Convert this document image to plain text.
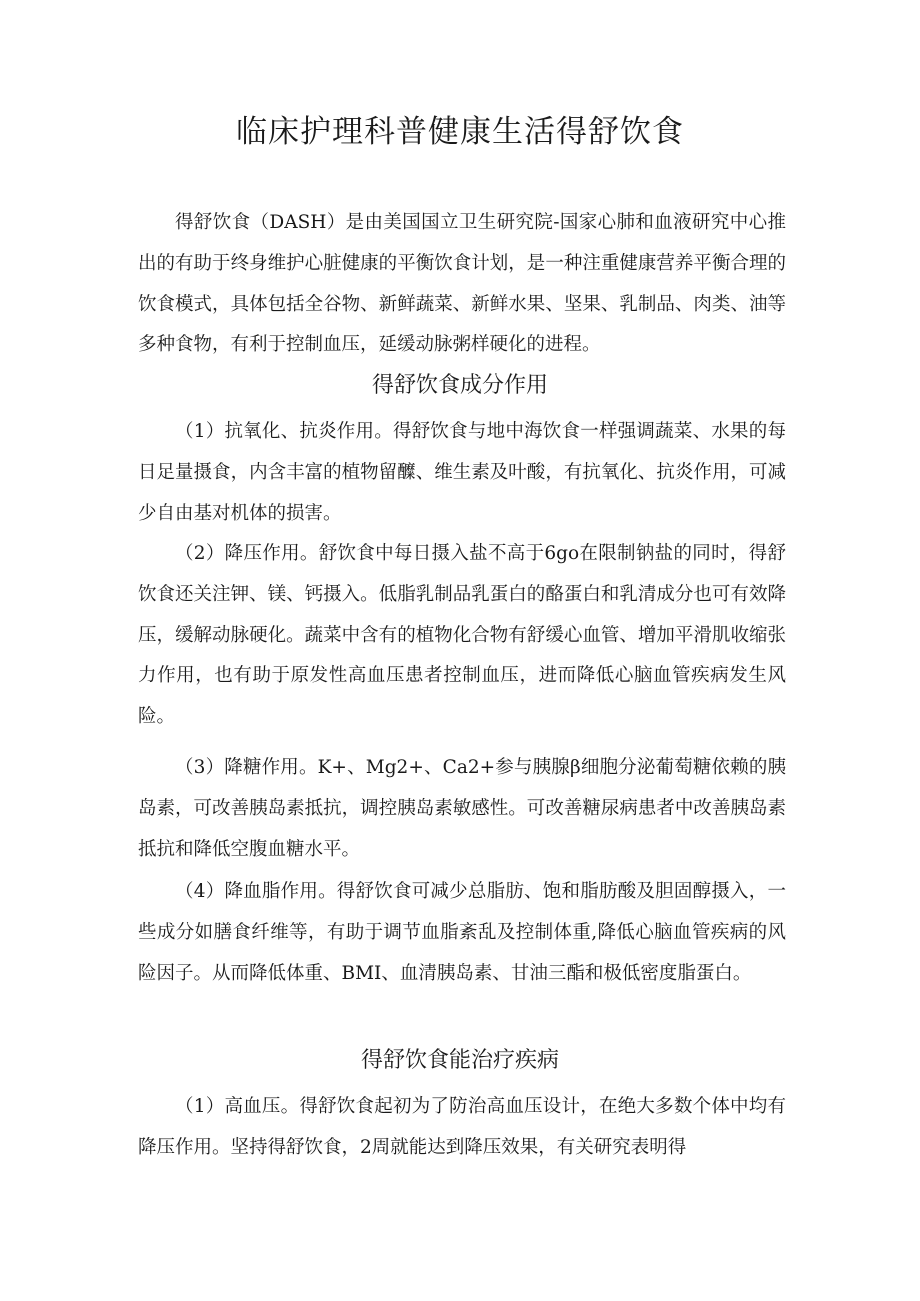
临床护理科普健康生活得舒饮食

得舒饮食（DASH）是由美国国立卫生研究院-国家心肺和血液研究中心推出的有助于终身维护心脏健康的平衡饮食计划，是一种注重健康营养平衡合理的饮食模式，具体包括全谷物、新鲜蔬菜、新鲜水果、坚果、乳制品、肉类、油等多种食物，有利于控制血压，延缓动脉粥样硬化的进程。

得舒饮食成分作用

（1）抗氧化、抗炎作用。得舒饮食与地中海饮食一样强调蔬菜、水果的每日足量摄食，内含丰富的植物留醾、维生素及叶酸，有抗氧化、抗炎作用，可减少自由基对机体的损害。

（2）降压作用。舒饮食中每日摄入盐不高于6go在限制钠盐的同时，得舒饮食还关注钾、镁、钙摄入。低脂乳制品乳蛋白的酪蛋白和乳清成分也可有效降压，缓解动脉硬化。蔬菜中含有的植物化合物有舒缓心血管、增加平滑肌收缩张力作用，也有助于原发性高血压患者控制血压，进而降低心脑血管疾病发生风险。

（3）降糖作用。K+、Mg2+、Ca2+参与胰腺β细胞分泌葡萄糖依赖的胰岛素，可改善胰岛素抵抗，调控胰岛素敏感性。可改善糖尿病患者中改善胰岛素抵抗和降低空腹血糖水平。

（4）降血脂作用。得舒饮食可减少总脂肪、饱和脂肪酸及胆固醇摄入，一些成分如膳食纤维等，有助于调节血脂紊乱及控制体重,降低心脑血管疾病的风险因子。从而降低体重、BMI、血清胰岛素、甘油三酯和极低密度脂蛋白。

得舒饮食能治疗疾病

（1）高血压。得舒饮食起初为了防治高血压设计，在绝大多数个体中均有降压作用。坚持得舒饮食，2周就能达到降压效果，有关研究表明得
